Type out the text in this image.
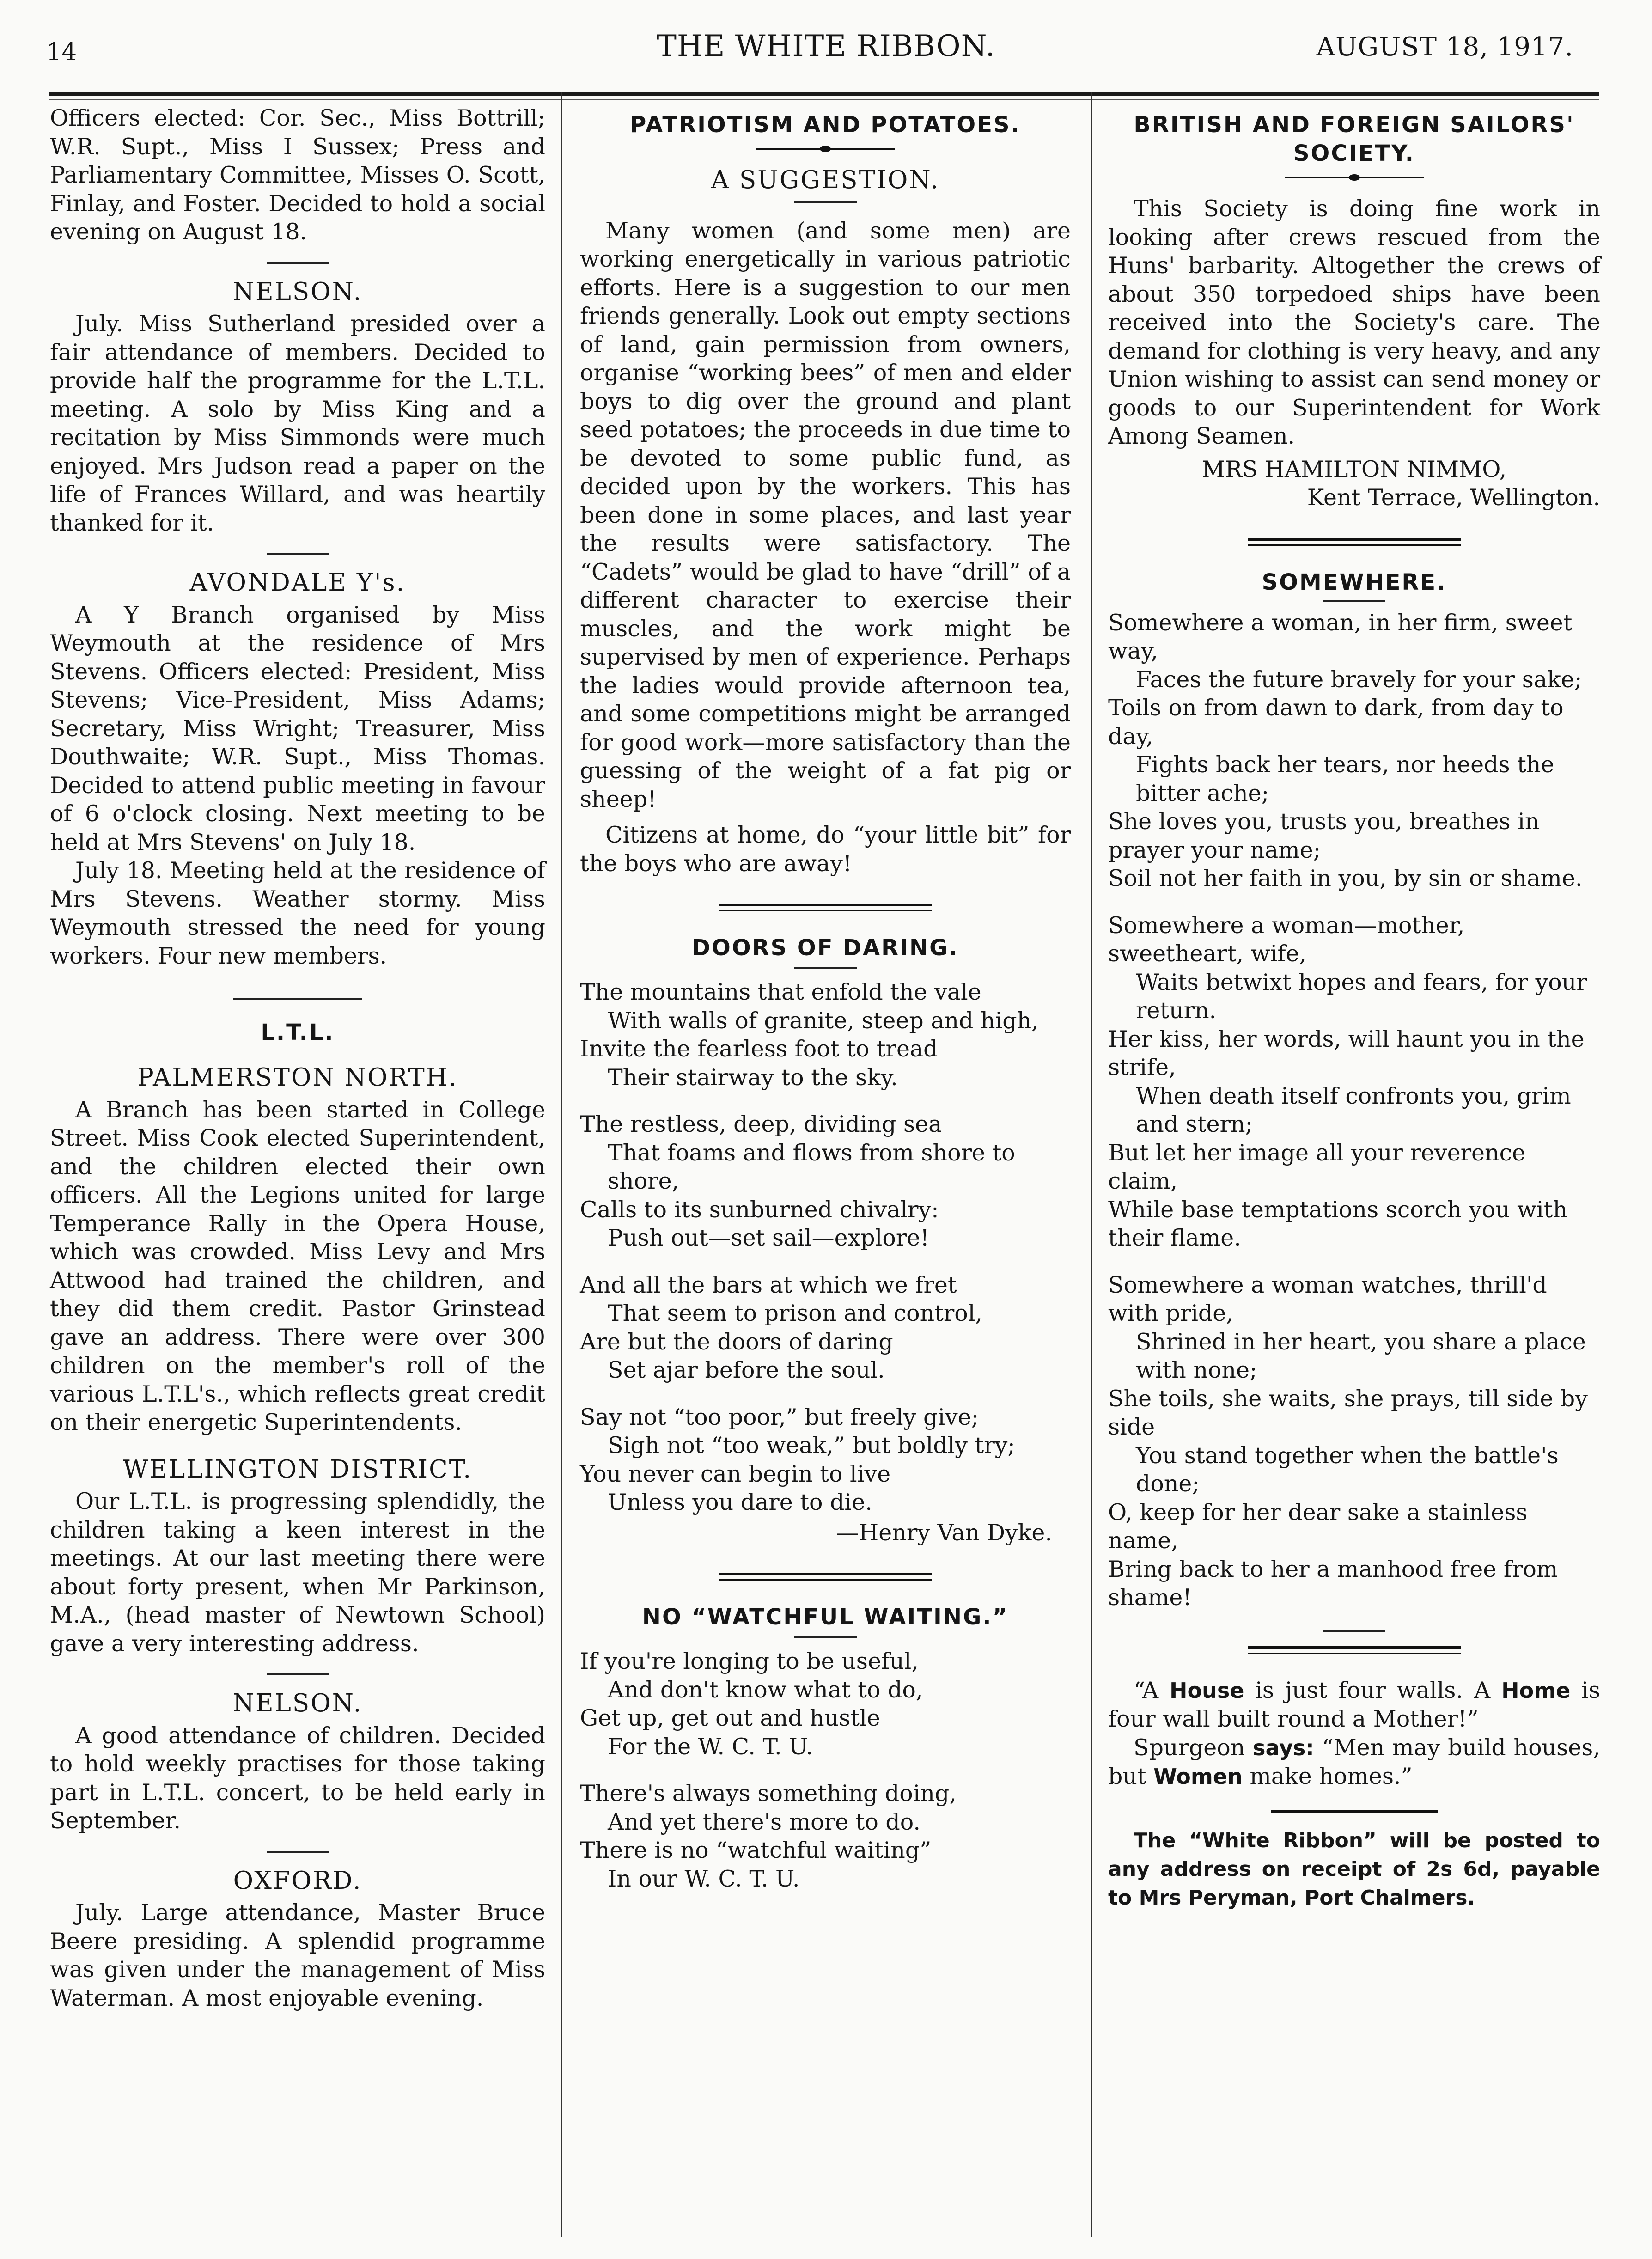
14	THE WHITE RIBBON.	AUGUST 18, 1917.

Officers elected: Cor. Sec., Miss Bottrill; W.R. Supt., Miss I Sussex; Press and Parliamentary Committee, Misses O. Scott, Finlay, and Foster. Decided to hold a social evening on August 18.

NELSON.

July. Miss Sutherland presided over a fair attendance of members. Decided to provide half the programme for the L.T.L. meeting. A solo by Miss King and a recitation by Miss Simmonds were much enjoyed. Mrs Judson read a paper on the life of Frances Willard, and was heartily thanked for it.

AVONDALE Y's.

A Y Branch organised by Miss Weymouth at the residence of Mrs Stevens. Officers elected: President, Miss Stevens; Vice-President, Miss Adams; Secretary, Miss Wright; Treasurer, Miss Douthwaite; W.R. Supt., Miss Thomas. Decided to attend public meeting in favour of 6 o'clock closing. Next meeting to be held at Mrs Stevens' on July 18.

July 18. Meeting held at the residence of Mrs Stevens. Weather stormy. Miss Weymouth stressed the need for young workers. Four new members.

L.T.L.
PALMERSTON NORTH.

A Branch has been started in College Street. Miss Cook elected Superintendent, and the children elected their own officers. All the Legions united for large Temperance Rally in the Opera House, which was crowded. Miss Levy and Mrs Attwood had trained the children, and they did them credit. Pastor Grinstead gave an address. There were over 300 children on the member's roll of the various L.T.L's., which reflects great credit on their energetic Superintendents.

WELLINGTON DISTRICT.

Our L.T.L. is progressing splendidly, the children taking a keen interest in the meetings. At our last meeting there were about forty present, when Mr Parkinson, M.A., (head master of Newtown School) gave a very interesting address.

NELSON.

A good attendance of children. Decided to hold weekly practises for those taking part in L.T.L. concert, to be held early in September.

OXFORD.

July. Large attendance, Master Bruce Beere presiding. A splendid programme was given under the management of Miss Waterman. A most enjoyable evening.

PATRIOTISM AND POTATOES.
A SUGGESTION.

Many women (and some men) are working energetically in various patriotic efforts. Here is a suggestion to our men friends generally. Look out empty sections of land, gain permission from owners, organise “working bees” of men and elder boys to dig over the ground and plant seed potatoes; the proceeds in due time to be devoted to some public fund, as decided upon by the workers. This has been done in some places, and last year the results were satisfactory. The “Cadets” would be glad to have “drill” of a different character to exercise their muscles, and the work might be supervised by men of experience. Perhaps the ladies would provide afternoon tea, and some competitions might be arranged for good work—more satisfactory than the guessing of the weight of a fat pig or sheep!

Citizens at home, do “your little bit” for the boys who are away!

DOORS OF DARING.
The mountains that enfold the vale
With walls of granite, steep and high,
Invite the fearless foot to tread
Their stairway to the sky.
The restless, deep, dividing sea
That foams and flows from shore to shore,
Calls to its sunburned chivalry:
Push out—set sail—explore!
And all the bars at which we fret
That seem to prison and control,
Are but the doors of daring
Set ajar before the soul.
Say not “too poor,” but freely give;
Sigh not “too weak,” but boldly try;
You never can begin to live
Unless you dare to die.
—Henry Van Dyke.
NO “WATCHFUL WAITING.”
If you're longing to be useful,
And don't know what to do,
Get up, get out and hustle
For the W. C. T. U.
There's always something doing,
And yet there's more to do.
There is no “watchful waiting”
In our W. C. T. U.
BRITISH AND FOREIGN SAILORS' SOCIETY.

This Society is doing fine work in looking after crews rescued from the Huns' barbarity. Altogether the crews of about 350 torpedoed ships have been received into the Society's care. The demand for clothing is very heavy, and any Union wishing to assist can send money or goods to our Superintendent for Work Among Seamen.

MRS HAMILTON NIMMO,
Kent Terrace, Wellington.
SOMEWHERE.
Somewhere a woman, in her firm, sweet way,
Faces the future bravely for your sake;
Toils on from dawn to dark, from day to day,
Fights back her tears, nor heeds the bitter ache;
She loves you, trusts you, breathes in prayer your name;
Soil not her faith in you, by sin or shame.
Somewhere a woman—mother, sweetheart, wife,
Waits betwixt hopes and fears, for your return.
Her kiss, her words, will haunt you in the strife,
When death itself confronts you, grim and stern;
But let her image all your reverence claim,
While base temptations scorch you with their flame.
Somewhere a woman watches, thrill'd with pride,
Shrined in her heart, you share a place with none;
She toils, she waits, she prays, till side by side
You stand together when the battle's done;
O, keep for her dear sake a stainless name,
Bring back to her a manhood free from shame!

“A House is just four walls. A Home is four wall built round a Mother!”

Spurgeon says: “Men may build houses, but Women make homes.”

The “White Ribbon” will be posted to any address on receipt of 2s 6d, payable to Mrs Peryman, Port Chalmers.
